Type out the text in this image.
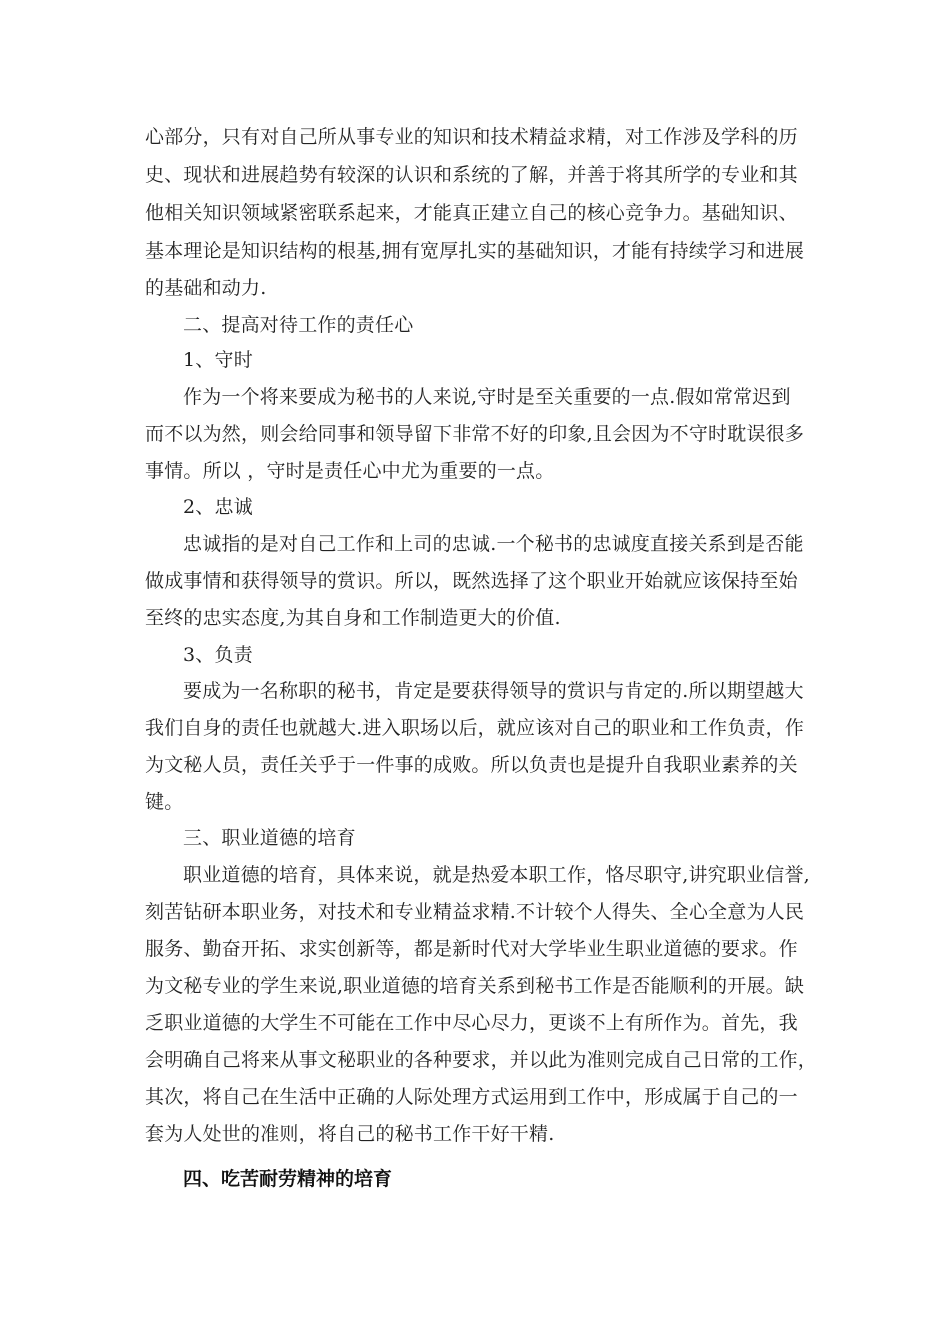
心部分，只有对自己所从事专业的知识和技术精益求精，对工作涉及学科的历
史、现状和进展趋势有较深的认识和系统的了解，并善于将其所学的专业和其
他相关知识领域紧密联系起来，才能真正建立自己的核心竞争力。基础知识、
基本理论是知识结构的根基,拥有宽厚扎实的基础知识，才能有持续学习和进展
的基础和动力.
二、提高对待工作的责任心
1、守时
作为一个将来要成为秘书的人来说,守时是至关重要的一点.假如常常迟到
而不以为然，则会给同事和领导留下非常不好的印象,且会因为不守时耽误很多
事情。所以 ，守时是责任心中尤为重要的一点。
2、忠诚
忠诚指的是对自己工作和上司的忠诚.一个秘书的忠诚度直接关系到是否能
做成事情和获得领导的赏识。所以，既然选择了这个职业开始就应该保持至始
至终的忠实态度,为其自身和工作制造更大的价值.
3、负责
要成为一名称职的秘书，肯定是要获得领导的赏识与肯定的.所以期望越大
我们自身的责任也就越大.进入职场以后，就应该对自己的职业和工作负责，作
为文秘人员，责任关乎于一件事的成败。所以负责也是提升自我职业素养的关
键。
三、职业道德的培育
职业道德的培育，具体来说，就是热爱本职工作，恪尽职守,讲究职业信誉,
刻苦钻研本职业务，对技术和专业精益求精.不计较个人得失、全心全意为人民
服务、勤奋开拓、求实创新等，都是新时代对大学毕业生职业道德的要求。作
为文秘专业的学生来说,职业道德的培育关系到秘书工作是否能顺利的开展。缺
乏职业道德的大学生不可能在工作中尽心尽力，更谈不上有所作为。首先，我
会明确自己将来从事文秘职业的各种要求，并以此为准则完成自己日常的工作，
其次，将自己在生活中正确的人际处理方式运用到工作中，形成属于自己的一
套为人处世的准则，将自己的秘书工作干好干精.
四、吃苦耐劳精神的培育
